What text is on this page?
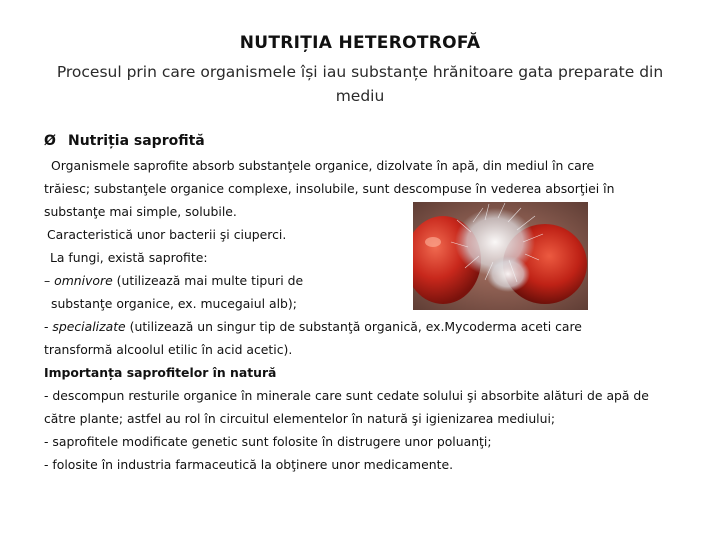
NUTRIȚIA HETEROTROFĂ

Procesul prin care organismele își iau substanțe hrănitoare gata preparate din mediu

Ø Nutriția saprofită
Organismele saprofite absorb substanţele organice, dizolvate în apă, din mediul în care
trăiesc; substanţele organice complexe, insolubile, sunt descompuse în vederea absorţiei în
substanţe mai simple, solubile.
Caracteristică unor bacterii şi ciuperci.
La fungi, există saprofite:
– omnivore (utilizează mai multe tipuri de
substanţe organice, ex. mucegaiul alb);
- specializate (utilizează un singur tip de substanţă organică, ex.Mycoderma aceti care
transformă alcoolul etilic în acid acetic).
Importanța saprofitelor în natură
- descompun resturile organice în minerale care sunt cedate solului şi absorbite alături de apă de
către plante; astfel au rol în circuitul elementelor în natură şi igienizarea mediului;
- saprofitele modificate genetic sunt folosite în distrugere unor poluanţi;
- folosite în industria farmaceutică la obţinere unor medicamente.
